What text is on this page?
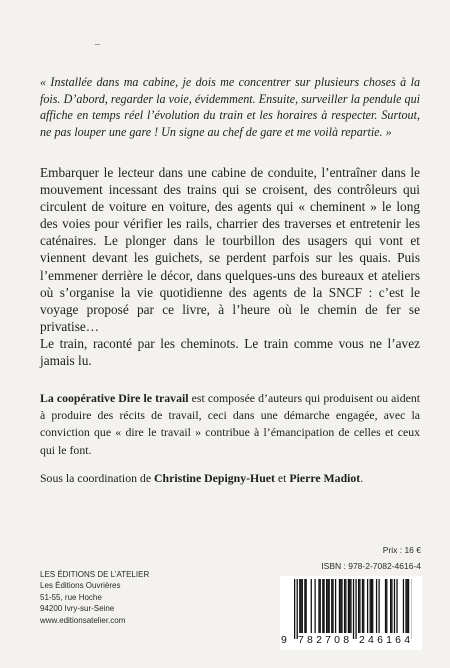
« Installée dans ma cabine, je dois me concentrer sur plusieurs choses à la fois. D’abord, regarder la voie, évidemment. Ensuite, surveiller la pendule qui affiche en temps réel l’évolution du train et les horaires à respecter. Surtout, ne pas louper une gare ! Un signe au chef de gare et me voilà repartie. »

Embarquer le lecteur dans une cabine de conduite, l’entraîner dans le mouvement incessant des trains qui se croisent, des contrôleurs qui circulent de voiture en voiture, des agents qui « cheminent » le long des voies pour vérifier les rails, charrier des traverses et entretenir les caténaires. Le plonger dans le tourbillon des usagers qui vont et viennent devant les guichets, se perdent parfois sur les quais. Puis l’emmener derrière le décor, dans quelques-uns des bureaux et ateliers où s’organise la vie quotidienne des agents de la SNCF : c’est le voyage proposé par ce livre, à l’heure où le chemin de fer se privatise…

Le train, raconté par les cheminots. Le train comme vous ne l’avez jamais lu.

La coopérative Dire le travail est composée d’auteurs qui produisent ou aident à produire des récits de travail, ceci dans une démarche engagée, avec la conviction que « dire le travail » contribue à l’émancipation de celles et ceux qui le font.

Sous la coordination de Christine Depigny-Huet et Pierre Madiot.

LES ÉDITIONS DE L’ATELIER
Les Éditions Ouvrières
51-55, rue Hoche
94200 Ivry-sur-Seine
www.editionsatelier.com
Prix : 16 €
ISBN : 978-2-7082-4616-4
9 782708 246164
